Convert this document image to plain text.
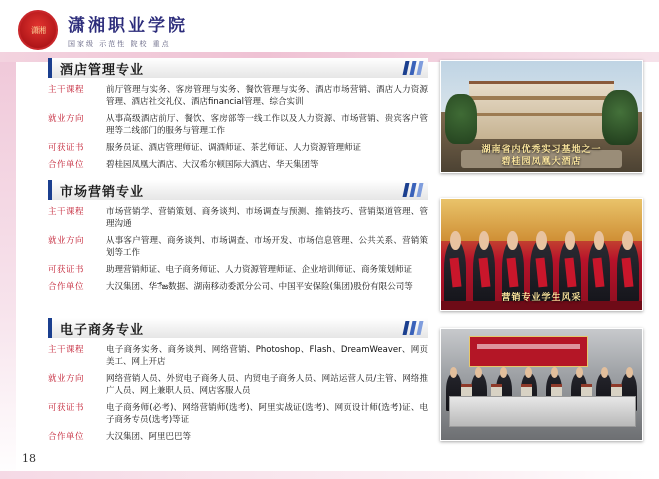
潇湘 潇湘职业学院
国家级 示范性 院校 重点
酒店管理专业
主干课程	前厅管理与实务、客房管理与实务、餐饮管理与实务、酒店市场营销、酒店人力资源管理、酒店社交礼仪、酒店financial管理、综合实训
就业方向	从事高级酒店前厅、餐饮、客房部等一线工作以及人力资源、市场营销、贵宾客户管理等二线部门的服务与管理工作
可获证书	服务员证、酒店管理师证、调酒师证、茶艺师证、人力资源管理师证
合作单位	碧桂园凤凰大酒店、大汉希尔顿国际大酒店、华天集团等
市场营销专业
主干课程	市场营销学、营销策划、商务谈判、市场调查与预测、推销技巧、营销渠道管理、管理沟通
就业方向	从事客户管理、商务谈判、市场调查、市场开发、市场信息管理、公共关系、营销策划等工作
可获证书	助理营销师证、电子商务师证、人力资源管理师证、企业培训师证、商务策划师证
合作单位	大汉集团、华ేజ数据、湖南移动委派分公司、中国平安保险(集团)股份有限公司等
电子商务专业
主干课程	电子商务实务、商务谈判、网络营销、Photoshop、Flash、DreamWeaver、网页美工、网上开店
就业方向	网络营销人员、外贸电子商务人员、内贸电子商务人员、网站运营人员/主管、网络推广人员、网上兼职人员、网店客服人员
可获证书	电子商务师(必考)、网络营销师(选考)、阿里实战证(选考)、网页设计师(选考)证、电子商务专员(选考)等证
合作单位	大汉集团、阿里巴巴等
湖南省内优秀实习基地之一
碧桂园凤凰大酒店
营销专业学生风采
18
